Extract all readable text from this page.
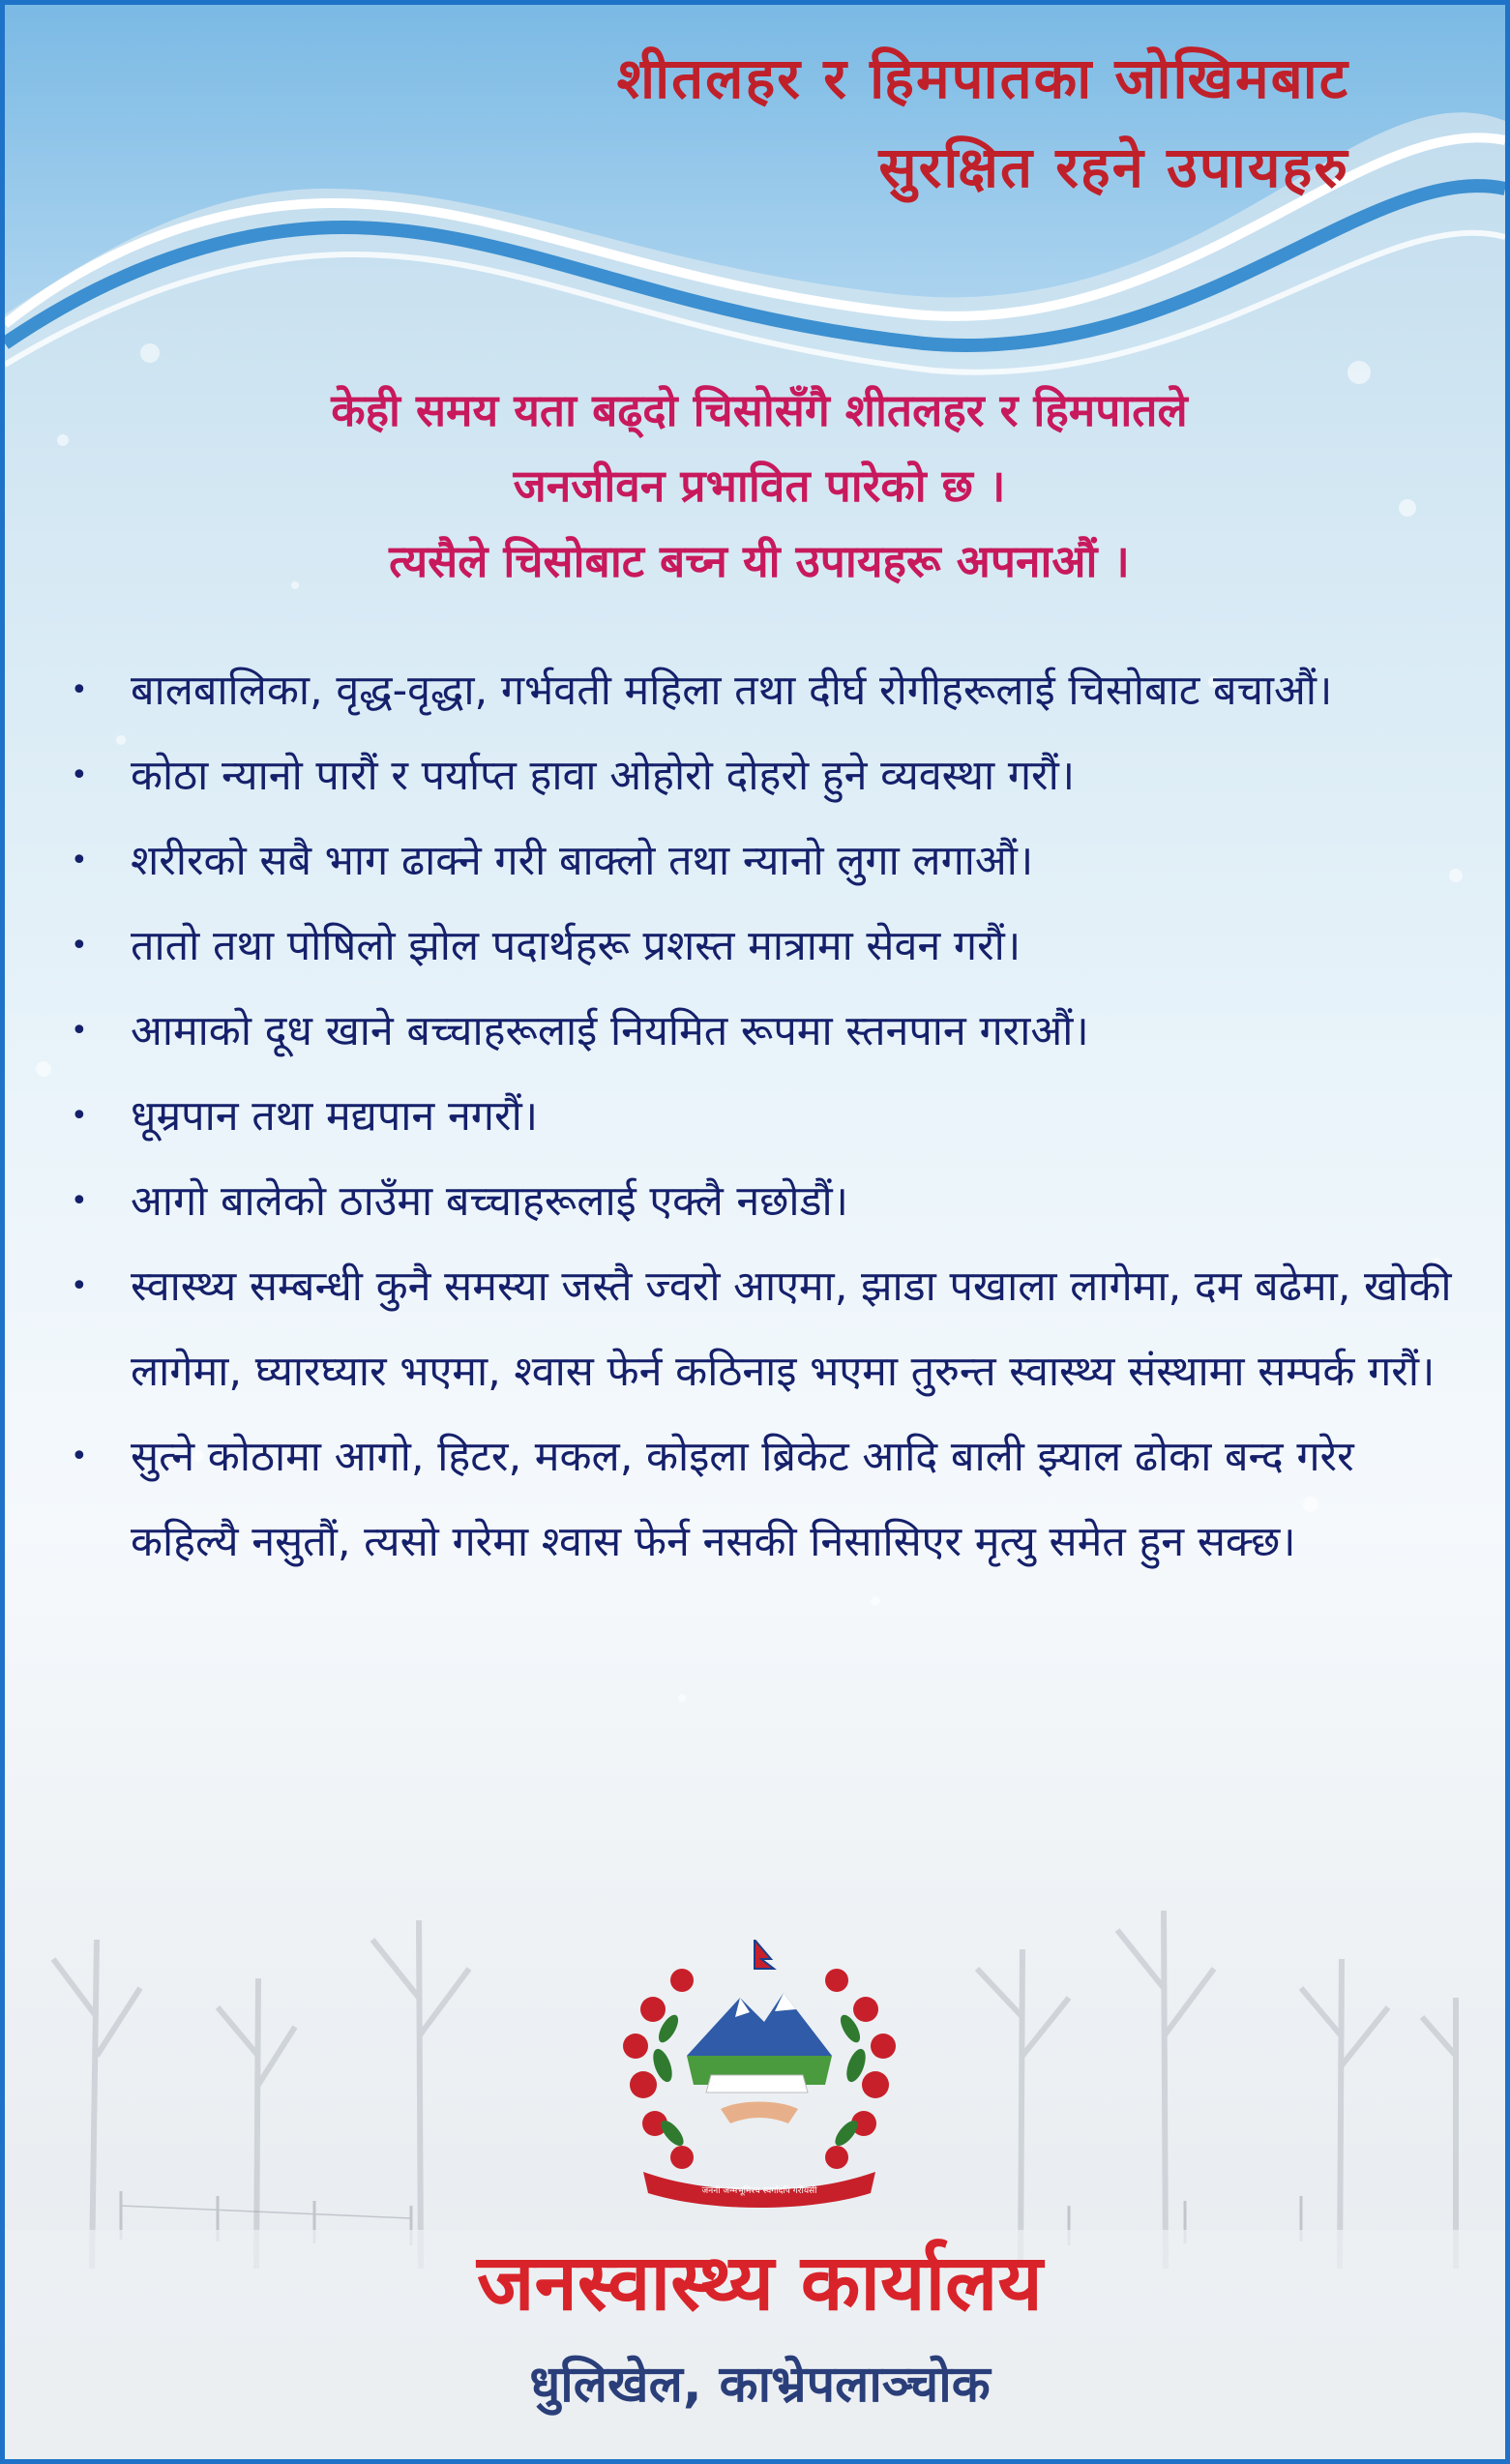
शीतलहर र हिमपातका जोखिमबाट
सुरक्षित रहने उपायहरु
केही समय यता बढ्दो चिसोसँगै शीतलहर र हिमपातले
जनजीवन प्रभावित पारेको छ ।
त्यसैले चिसोबाट बच्न यी उपायहरू अपनाऔं ।
• बालबालिका, वृद्ध-वृद्धा, गर्भवती महिला तथा दीर्घ रोगीहरूलाई चिसोबाट बचाऔं।
• कोठा न्यानो पारौं र पर्याप्त हावा ओहोरो दोहरो हुने व्यवस्था गरौं।
• शरीरको सबै भाग ढाक्ने गरी बाक्लो तथा न्यानो लुगा लगाऔं।
• तातो तथा पोषिलो झोल पदार्थहरू प्रशस्त मात्रामा सेवन गरौं।
• आमाको दूध खाने बच्चाहरूलाई नियमित रूपमा स्तनपान गराऔं।
• धूम्रपान तथा मद्यपान नगरौं।
• आगो बालेको ठाउँमा बच्चाहरूलाई एक्लै नछोडौं।
• स्वास्थ्य सम्बन्धी कुनै समस्या जस्तै ज्वरो आएमा, झाडा पखाला लागेमा, दम बढेमा, खोकी लागेमा, घ्यारघ्यार भएमा, श्वास फेर्न कठिनाइ भएमा तुरुन्त स्वास्थ्य संस्थामा सम्पर्क गरौं।
• सुत्ने कोठामा आगो, हिटर, मकल, कोइला ब्रिकेट आदि बाली झ्याल ढोका बन्द गरेर कहिल्यै नसुतौं, त्यसो गरेमा श्वास फेर्न नसकी निसासिएर मृत्यु समेत हुन सक्छ।
जननी जन्मभूमिश्च स्वर्गादपि गरीयसी
जनस्वास्थ्य कार्यालय
धुलिखेल, काभ्रेपलाञ्चोक
